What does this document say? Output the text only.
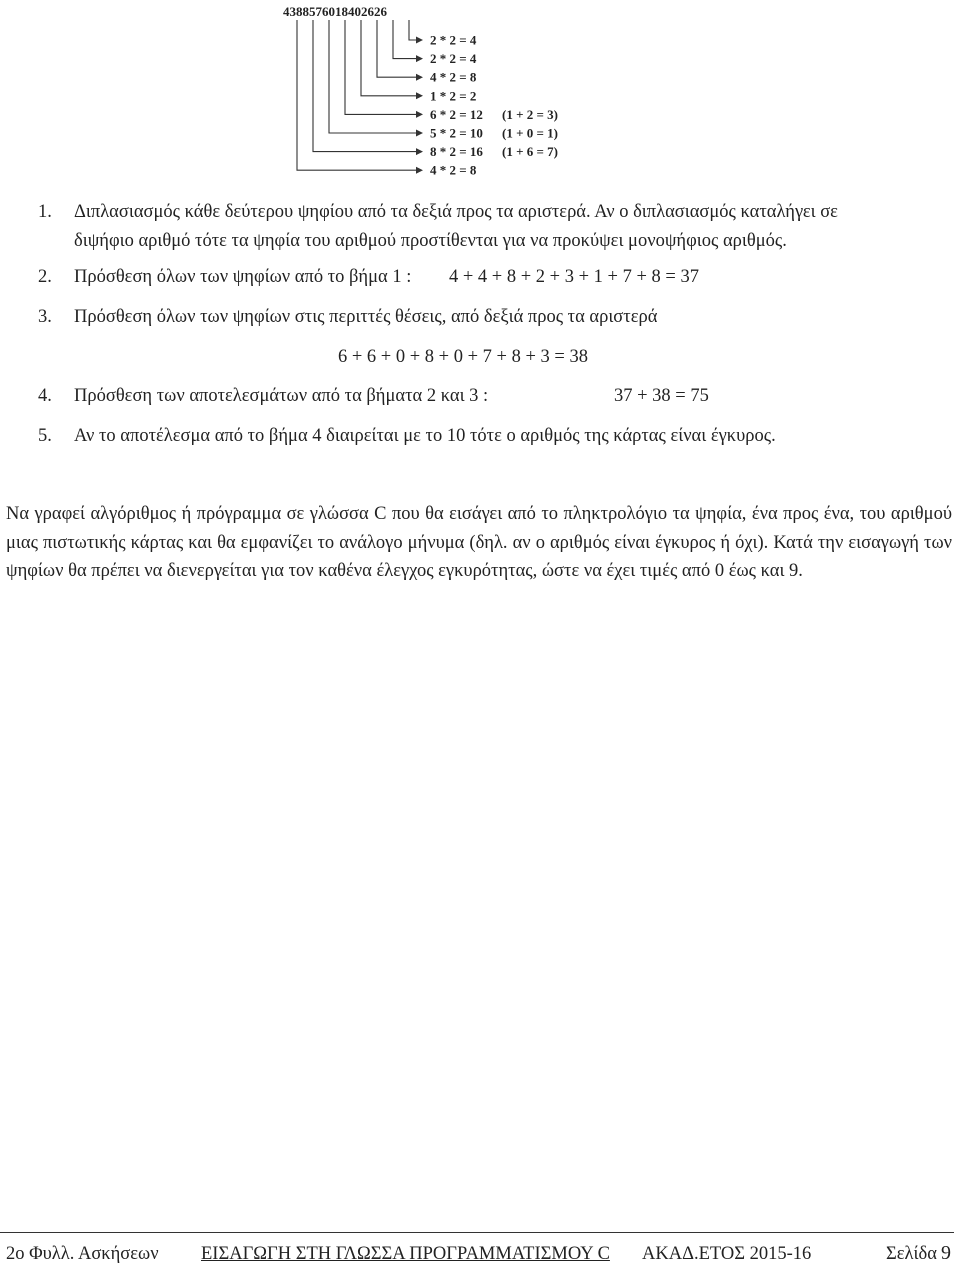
4388576018402626
2 * 2 = 4
2 * 2 = 4
4 * 2 = 8
1 * 2 = 2
6 * 2 = 12 (1 + 2 = 3)
5 * 2 = 10 (1 + 0 = 1)
8 * 2 = 16 (1 + 6 = 7)
4 * 2 = 8
1. Διπλασιασμός κάθε δεύτερου ψηφίου από τα δεξιά προς τα αριστερά. Αν ο διπλασιασμός καταλήγει σε
διψήφιο αριθμό τότε τα ψηφία του αριθμού προστίθενται για να προκύψει μονοψήφιος αριθμός.
2. Πρόσθεση όλων των ψηφίων από το βήμα 1 : 4 + 4 + 8 + 2 + 3 + 1 + 7 + 8 = 37
3. Πρόσθεση όλων των ψηφίων στις περιττές θέσεις, από δεξιά προς τα αριστερά
6 + 6 + 0 + 8 + 0 + 7 + 8 + 3 = 38
4. Πρόσθεση των αποτελεσμάτων από τα βήματα 2 και 3 :	37 + 38 = 75
5. Αν το αποτέλεσμα από το βήμα 4 διαιρείται με το 10 τότε ο αριθμός της κάρτας είναι έγκυρος.
Να γραφεί αλγόριθμος ή πρόγραμμα σε γλώσσα C που θα εισάγει από το πληκτρολόγιο τα ψηφία, ένα προς ένα, του αριθμού μιας πιστωτικής κάρτας και θα εμφανίζει το ανάλογο μήνυμα (δηλ. αν ο αριθμός είναι έγκυρος ή όχι). Κατά την εισαγωγή των ψηφίων θα πρέπει να διενεργείται για τον καθένα έλεγχος εγκυρότητας, ώστε να έχει τιμές από 0 έως και 9.
2ο Φυλλ. Ασκήσεων ΕΙΣΑΓΩΓΗ ΣΤΗ ΓΛΩΣΣΑ ΠΡΟΓΡΑΜΜΑΤΙΣΜΟΥ C ΑΚΑΔ.ΕΤΟΣ 2015-16	Σελίδα 9
